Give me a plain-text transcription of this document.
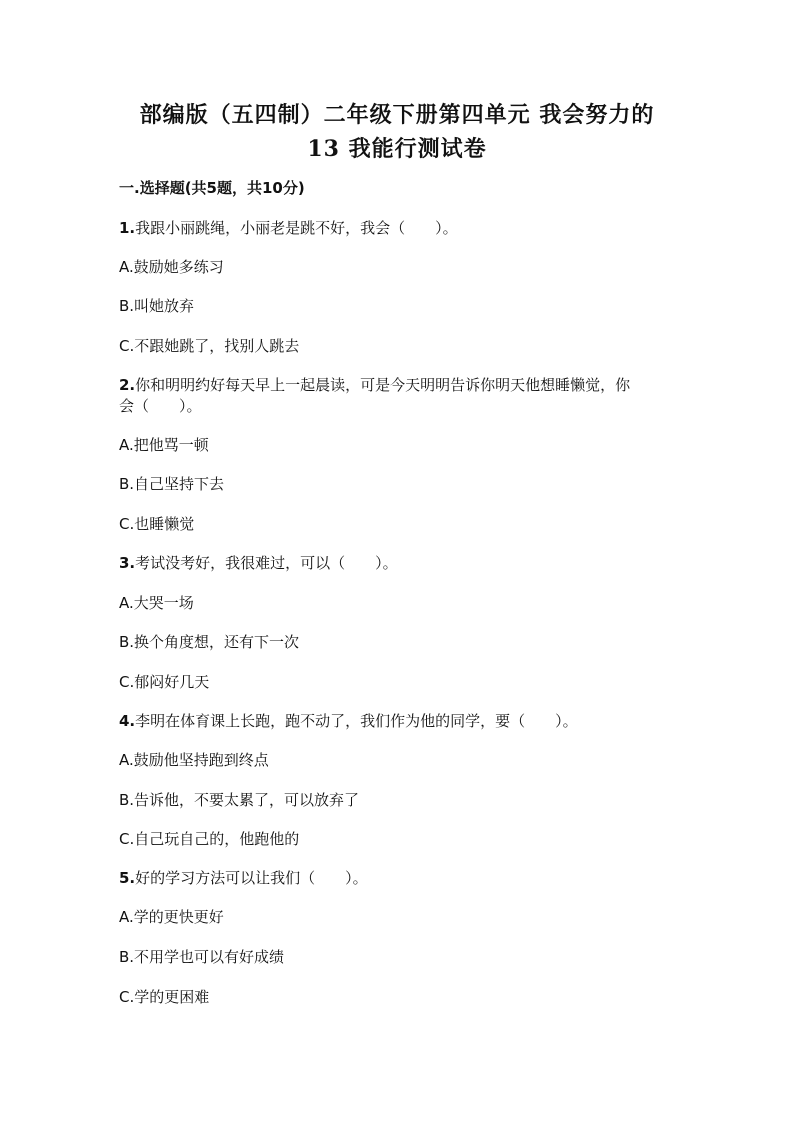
部编版（五四制）二年级下册第四单元 我会努力的
13 我能行测试卷
一.选择题(共5题，共10分)
1.我跟小丽跳绳，小丽老是跳不好，我会（　　）。
A.鼓励她多练习
B.叫她放弃
C.不跟她跳了，找别人跳去
2.你和明明约好每天早上一起晨读，可是今天明明告诉你明天他想睡懒觉，你
会（　　）。
A.把他骂一顿
B.自己坚持下去
C.也睡懒觉
3.考试没考好，我很难过，可以（　　）。
A.大哭一场
B.换个角度想，还有下一次
C.郁闷好几天
4.李明在体育课上长跑，跑不动了，我们作为他的同学，要（　　）。
A.鼓励他坚持跑到终点
B.告诉他，不要太累了，可以放弃了
C.自己玩自己的，他跑他的
5.好的学习方法可以让我们（　　）。
A.学的更快更好
B.不用学也可以有好成绩
C.学的更困难
